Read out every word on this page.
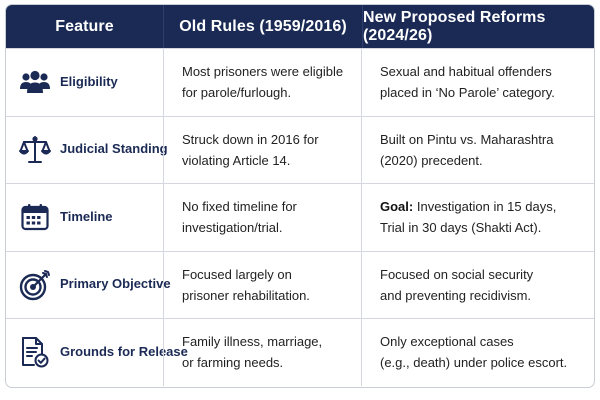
Feature	Old Rules (1959/2016)
New Proposed Reforms (2024/26)
Eligibility
Most prisoners were eligible
for parole/furlough.
Sexual and habitual offenders
placed in ‘No Parole’ category.
Judicial Standing
Struck down in 2016 for
violating Article 14.
Built on Pintu vs. Maharashtra
(2020) precedent.
Timeline
No fixed timeline for
investigation/trial.
Goal: Investigation in 15 days,
Trial in 30 days (Shakti Act).
Primary Objective
Focused largely on
prisoner rehabilitation.
Focused on social security
and preventing recidivism.
Grounds for Release
Family illness, marriage,
or farming needs.
Only exceptional cases
(e.g., death) under police escort.
